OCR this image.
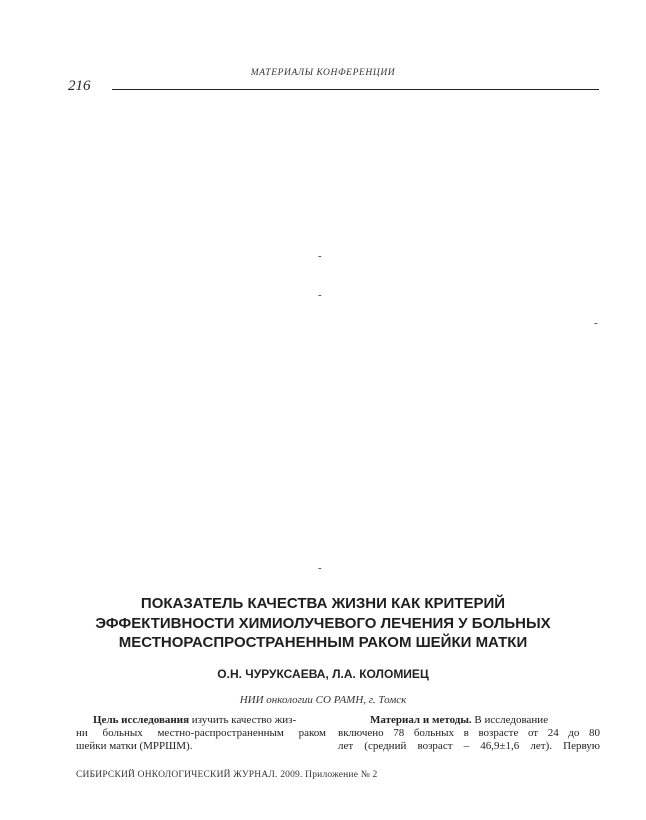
МАТЕРИАЛЫ КОНФЕРЕНЦИИ
216
-
-
-
-
ПОКАЗАТЕЛЬ КАЧЕСТВА ЖИЗНИ КАК КРИТЕРИЙ
ЭФФЕКТИВНОСТИ ХИМИОЛУЧЕВОГО ЛЕЧЕНИЯ У БОЛЬНЫХ
МЕСТНОРАСПРОСТРАНЕННЫМ РАКОМ ШЕЙКИ МАТКИ
О.Н. ЧУРУКСАЕВА, Л.А. КОЛОМИЕЦ
НИИ онкологии СО РАМН, г. Томск
Цель исследования изучить качество жиз-
ни больных местно-распространенным раком
шейки матки (МРРШМ).
Материал и методы. В исследование
включено 78 больных в возрасте от 24 до 80
лет (средний возраст – 46,9±1,6 лет). Первую
СИБИРСКИЙ ОНКОЛОГИЧЕСКИЙ ЖУРНАЛ. 2009. Приложение № 2
